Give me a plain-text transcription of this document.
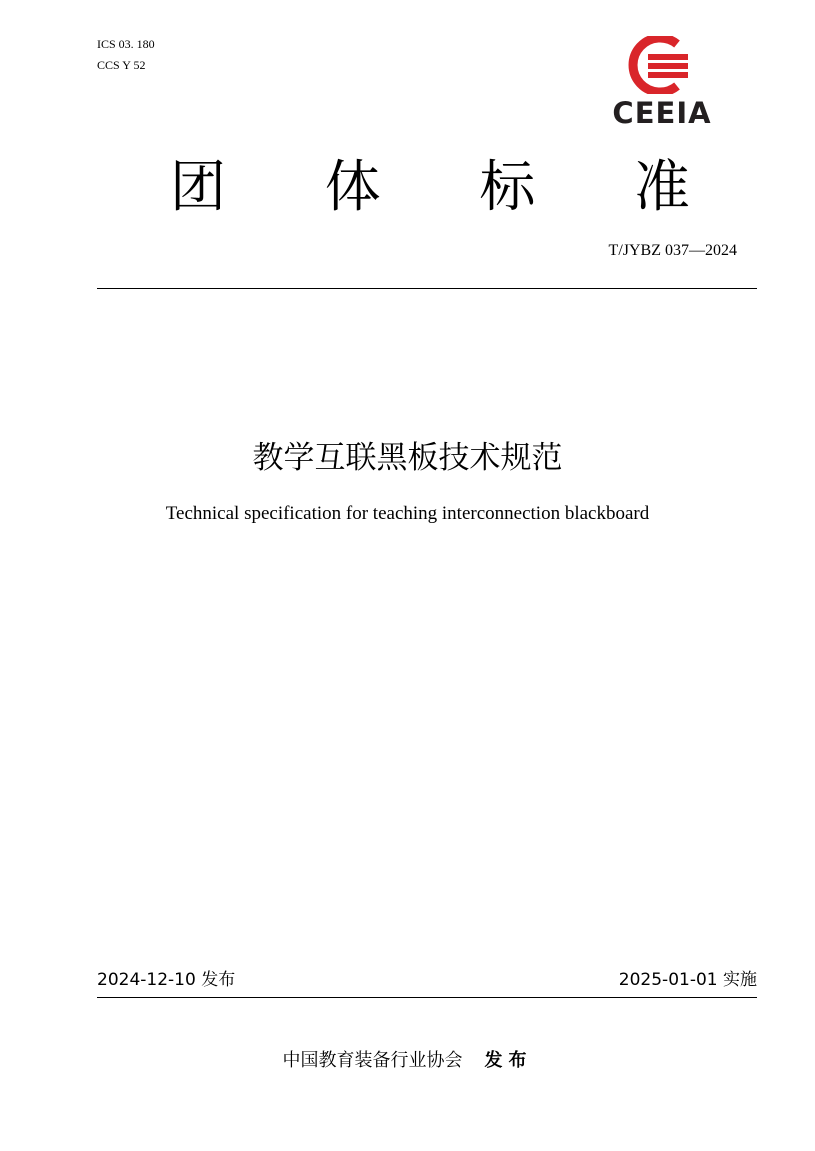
ICS 03. 180
CCS Y 52
CEEIA
团 体 标 准
T/JYBZ 037—2024
教学互联黑板技术规范
Technical specification for teaching interconnection blackboard
2024-12-10 发布	2025-01-01 实施
中国教育装备行业协会 发布
